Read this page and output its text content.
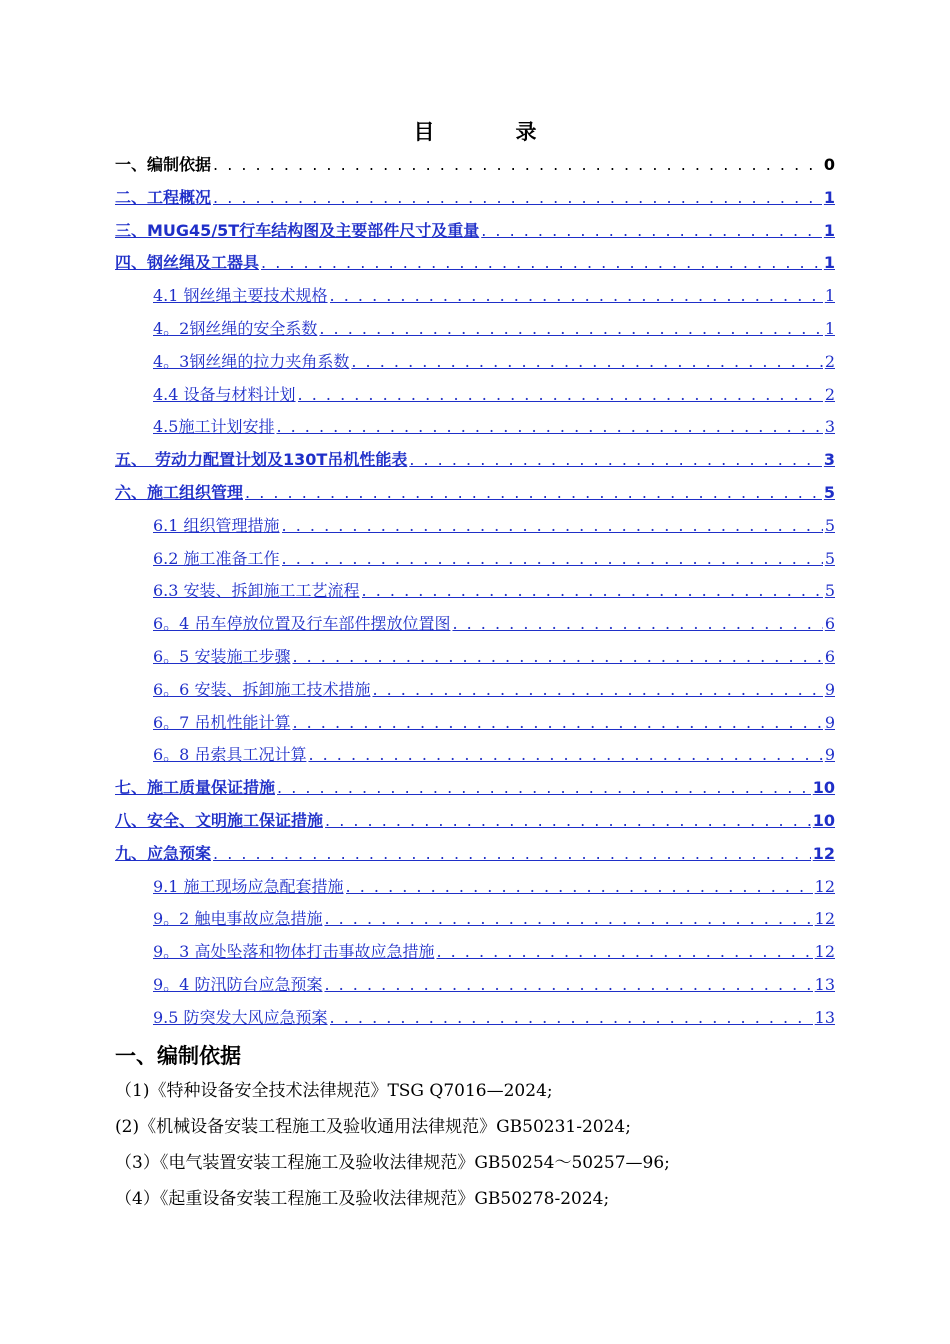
目　录
一、编制依据 . . .	0
二、工程概况 . . .	1
三、MUG45/5T行车结构图及主要部件尺寸及重量 . . .	1
四、钢丝绳及工器具 . . .	1
4.1 钢丝绳主要技术规格 . . .	1
4。2钢丝绳的安全系数 . . .	1
4。3钢丝绳的拉力夹角系数 . . .	2
4.4 设备与材料计划 . . .	2
4.5施工计划安排 . . .	3
五、　劳动力配置计划及130T吊机性能表 . . .	3
六、施工组织管理 . . .	5
6.1 组织管理措施 . . .	5
6.2 施工准备工作 . . .	5
6.3 安装、拆卸施工工艺流程 . . .	5
6。4 吊车停放位置及行车部件摆放位置图 . . .	6
6。5 安装施工步骤 . . .	6
6。6 安装、拆卸施工技术措施 . . .	9
6。7 吊机性能计算 . . .	9
6。8 吊索具工况计算 . . .	9
七、施工质量保证措施 . . .	10
八、安全、文明施工保证措施 . . .	10
九、应急预案 . . .	12
9.1 施工现场应急配套措施 . . .	12
9。2 触电事故应急措施 . . .	12
9。3 高处坠落和物体打击事故应急措施 . . .	12
9。4 防汛防台应急预案 . . .	13
9.5 防突发大风应急预案 . . .	13
一、编制依据
（1)《特种设备安全技术法律规范》TSG Q7016—2024;
(2)《机械设备安装工程施工及验收通用法律规范》GB50231-2024;
（3）《电气装置安装工程施工及验收法律规范》GB50254～50257—96;
（4）《起重设备安装工程施工及验收法律规范》GB50278-2024;
